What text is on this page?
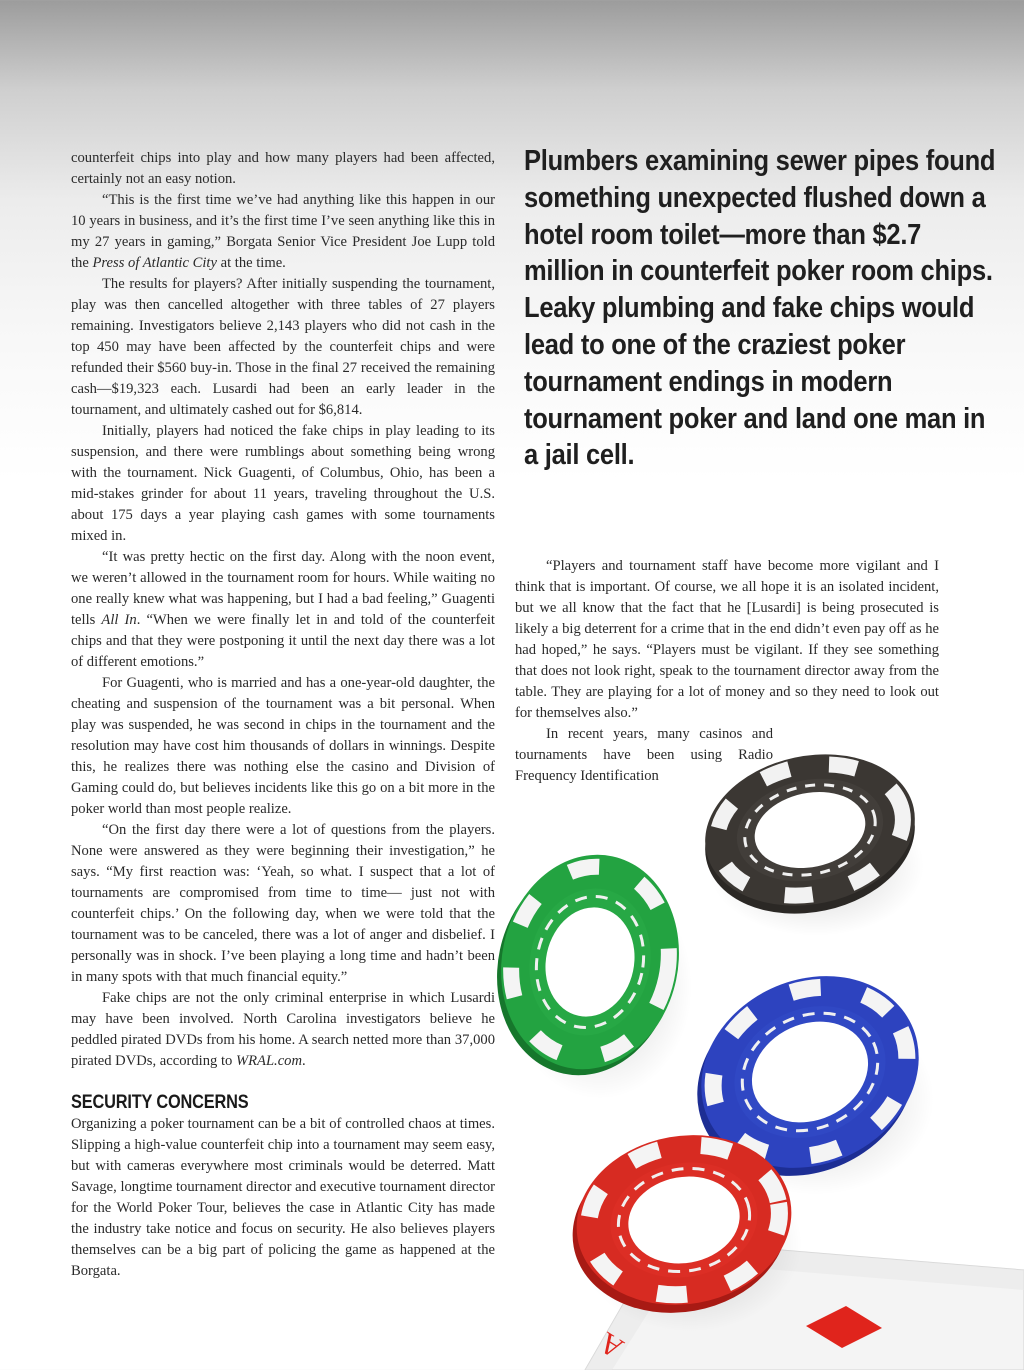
counterfeit chips into play and how many players had been affected, certainly not an easy notion.

“This is the first time we’ve had anything like this happen in our 10 years in business, and it’s the first time I’ve seen anything like this in my 27 years in gaming,” Borgata Senior Vice President Joe Lupp told the Press of Atlantic City at the time.

The results for players? After initially suspending the tournament, play was then cancelled altogether with three tables of 27 players remaining. Investigators believe 2,143 players who did not cash in the top 450 may have been affected by the counterfeit chips and were refunded their $560 buy-in. Those in the final 27 received the remaining cash—$19,323 each. Lusardi had been an early leader in the tournament, and ultimately cashed out for $6,814.

Initially, players had noticed the fake chips in play leading to its suspension, and there were rumblings about something being wrong with the tournament. Nick Guagenti, of Columbus, Ohio, has been a mid-stakes grinder for about 11 years, traveling throughout the U.S. about 175 days a year playing cash games with some tournaments mixed in.

“It was pretty hectic on the first day. Along with the noon event, we weren’t allowed in the tournament room for hours. While waiting no one really knew what was happening, but I had a bad feeling,” Guagenti tells All In. “When we were finally let in and told of the counterfeit chips and that they were postponing it until the next day there was a lot of different emotions.”

For Guagenti, who is married and has a one-year-old daughter, the cheating and suspension of the tournament was a bit personal. When play was suspended, he was second in chips in the tournament and the resolution may have cost him thousands of dollars in winnings. Despite this, he realizes there was nothing else the casino and Division of Gaming could do, but believes incidents like this go on a bit more in the poker world than most people realize.

“On the first day there were a lot of questions from the players. None were answered as they were beginning their investigation,” he says. “My first reaction was: ‘Yeah, so what. I suspect that a lot of tournaments are compromised from time to time— just not with counterfeit chips.’ On the following day, when we were told that the tournament was to be canceled, there was a lot of anger and disbelief. I personally was in shock. I’ve been playing a long time and hadn’t been in many spots with that much financial equity.”

Fake chips are not the only criminal enterprise in which Lusardi may have been involved. North Carolina investigators believe he peddled pirated DVDs from his home. A search netted more than 37,000 pirated DVDs, according to WRAL.com.

SECURITY CONCERNS

Organizing a poker tournament can be a bit of controlled chaos at times. Slipping a high-value counterfeit chip into a tournament may seem easy, but with cameras everywhere most criminals would be deterred. Matt Savage, longtime tournament director and executive tournament director for the World Poker Tour, believes the case in Atlantic City has made the industry take notice and focus on security. He also believes players themselves can be a big part of policing the game as happened at the Borgata.

Plumbers examining sewer pipes found something unexpected flushed down a hotel room toilet—more than $2.7 million in counterfeit poker room chips. Leaky plumbing and fake chips would lead to one of the craziest poker tournament endings in modern tournament poker and land one man in a jail cell.

“Players and tournament staff have become more vigilant and I think that is important. Of course, we all hope it is an isolated incident, but we all know that the fact that he [Lusardi] is being prosecuted is likely a big deterrent for a crime that in the end didn’t even pay off as he had hoped,” he says. “Players must be vigilant. If they see something that does not look right, speak to the tournament director away from the table. They are playing for a lot of money and so they need to look out for themselves also.”

In recent years, many casinos and tournaments have been using Radio Frequency Identification

A
